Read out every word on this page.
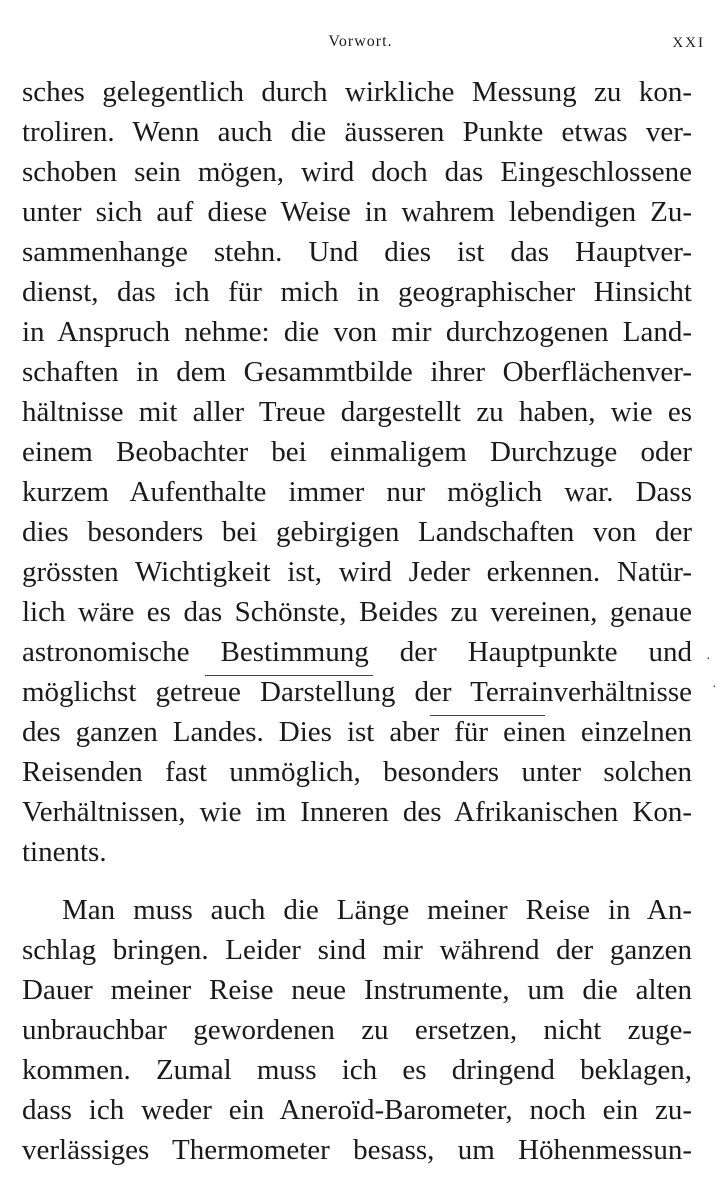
Vorwort.	XXI
sches gelegentlich durch wirkliche Messung zu kon-
troliren. Wenn auch die äusseren Punkte etwas ver-
schoben sein mögen, wird doch das Eingeschlossene
unter sich auf diese Weise in wahrem lebendigen Zu-
sammenhange stehn. Und dies ist das Hauptver-
dienst, das ich für mich in geographischer Hinsicht
in Anspruch nehme: die von mir durchzogenen Land-
schaften in dem Gesammtbilde ihrer Oberflächenver-
hältnisse mit aller Treue dargestellt zu haben, wie es
einem Beobachter bei einmaligem Durchzuge oder
kurzem Aufenthalte immer nur möglich war. Dass
dies besonders bei gebirgigen Landschaften von der
grössten Wichtigkeit ist, wird Jeder erkennen. Natür-
lich wäre es das Schönste, Beides zu vereinen, genaue
astronomische Bestimmung der Hauptpunkte und
möglichst getreue Darstellung der Terrainverhältnisse
des ganzen Landes. Dies ist aber für einen einzelnen
Reisenden fast unmöglich, besonders unter solchen
Verhältnissen, wie im Inneren des Afrikanischen Kon-
tinents.
Man muss auch die Länge meiner Reise in An-
schlag bringen. Leider sind mir während der ganzen
Dauer meiner Reise neue Instrumente, um die alten
unbrauchbar gewordenen zu ersetzen, nicht zuge-
kommen. Zumal muss ich es dringend beklagen,
dass ich weder ein Aneroïd-Barometer, noch ein zu-
verlässiges Thermometer besass, um Höhenmessun-
·
·
